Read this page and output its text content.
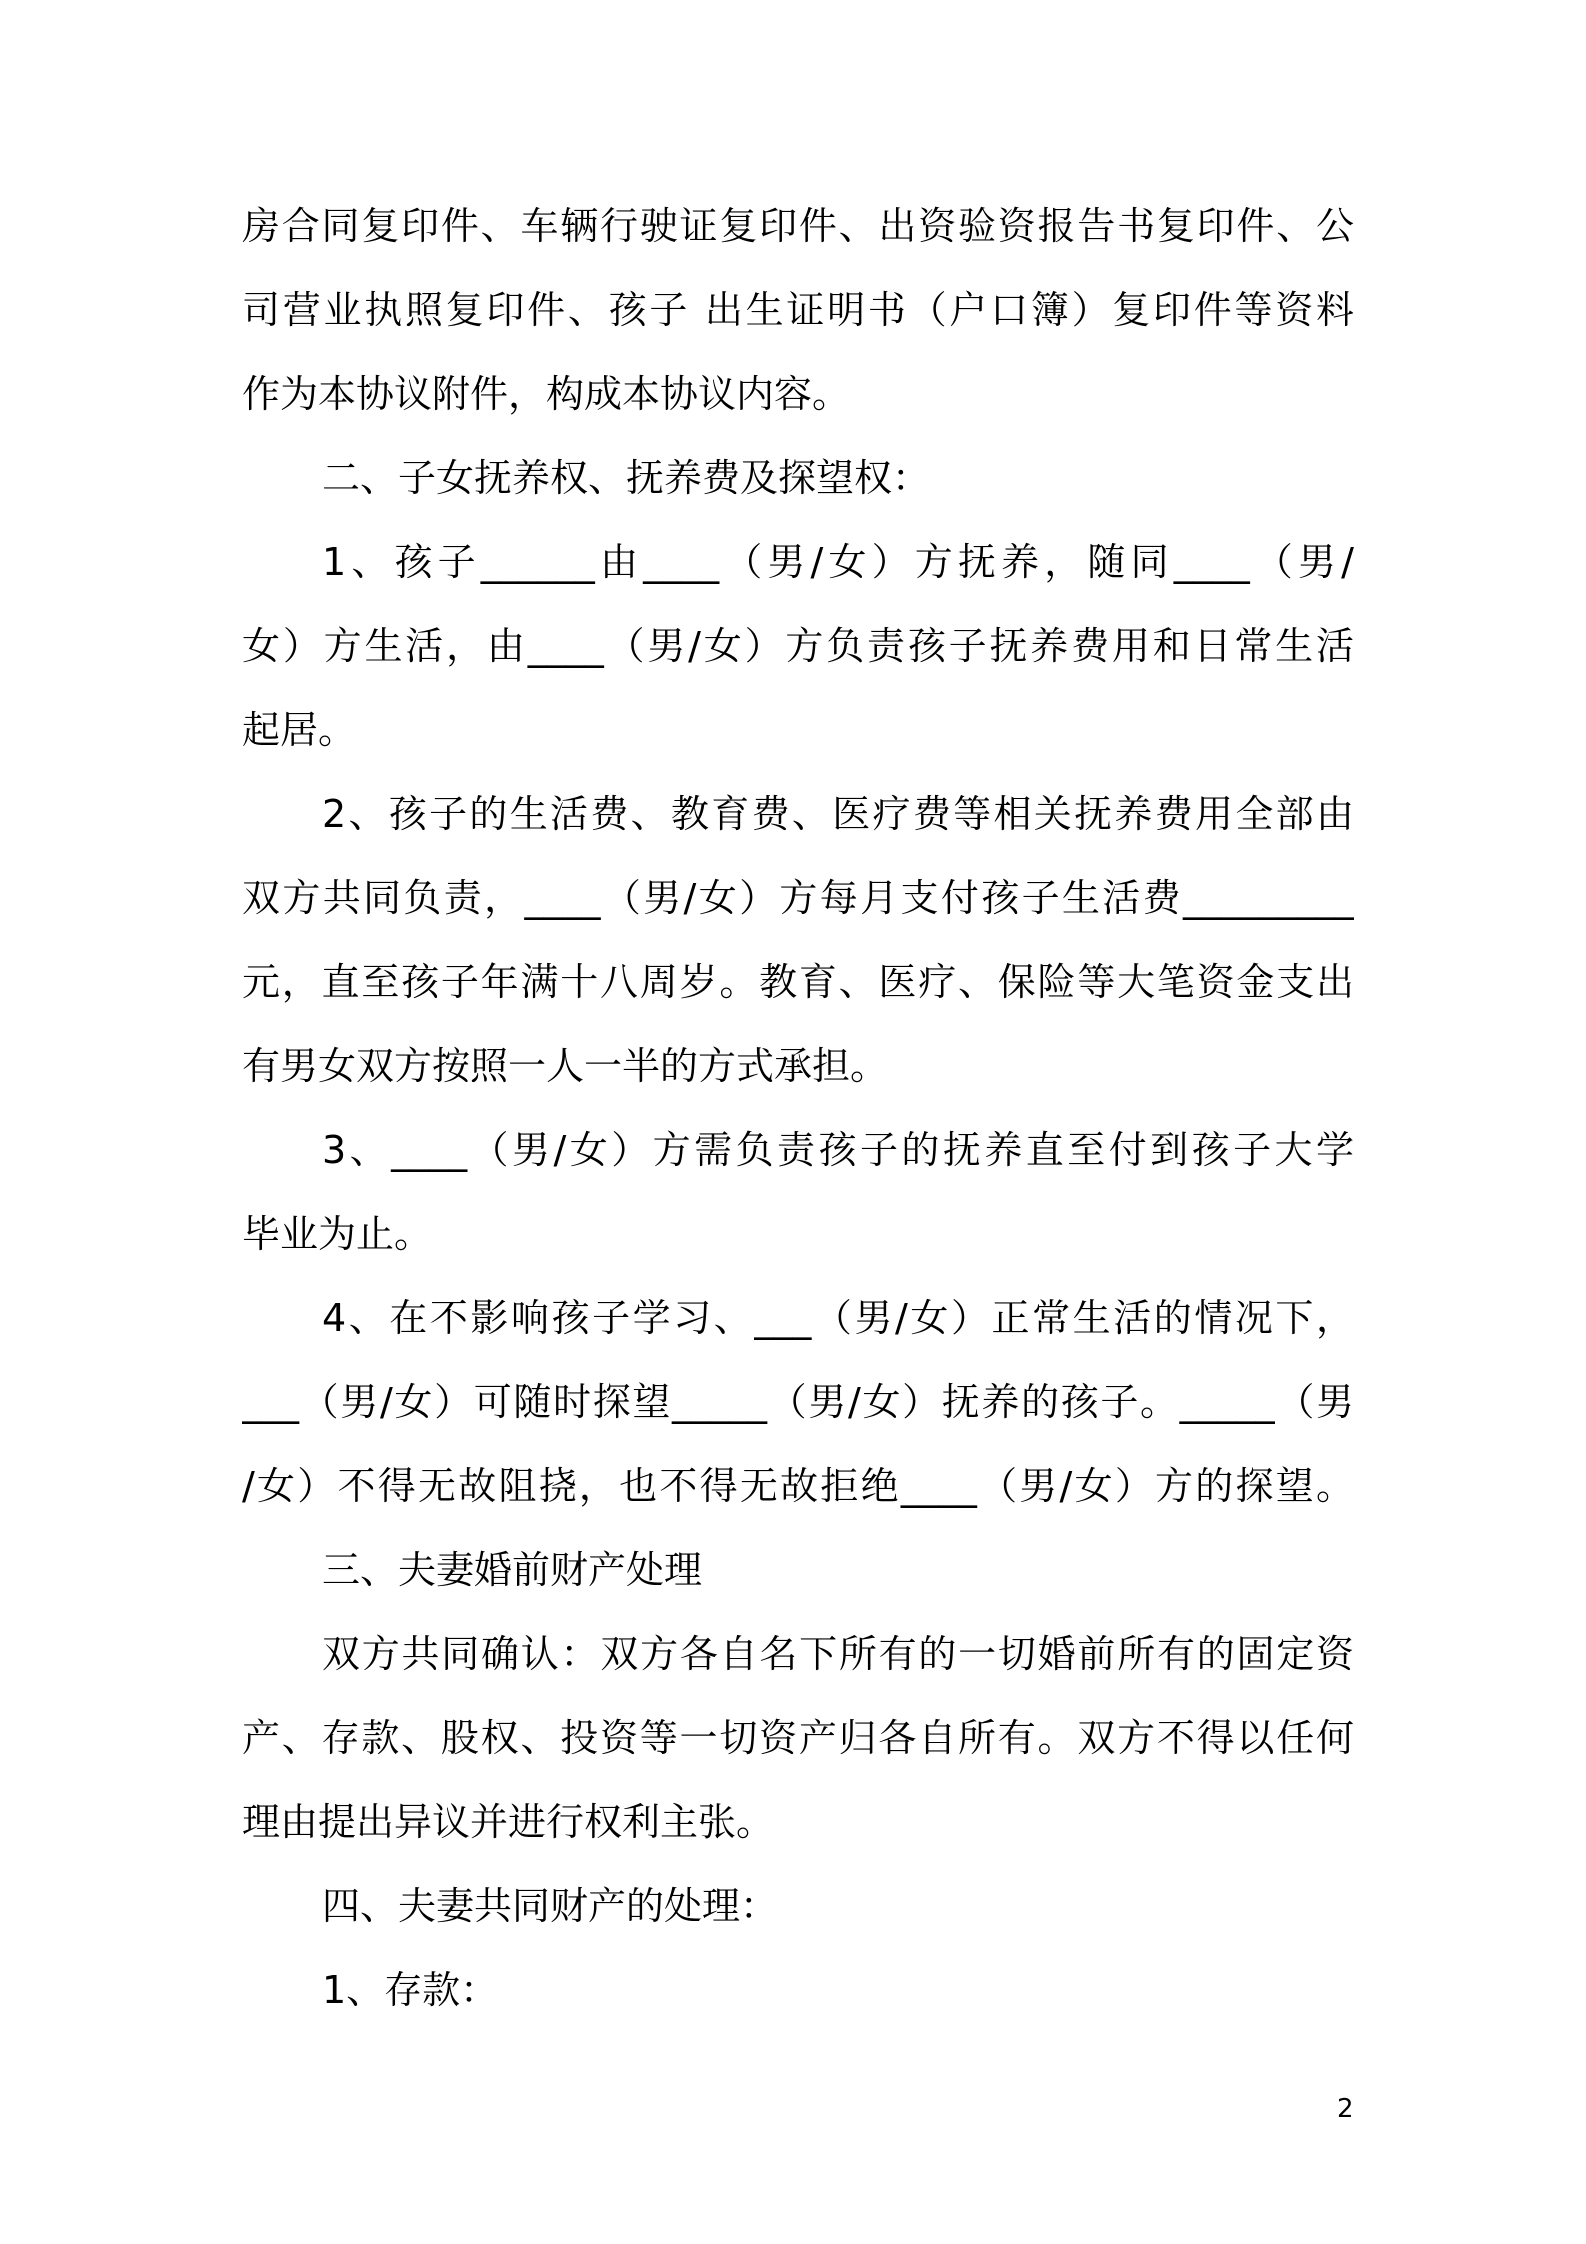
房合同复印件、车辆行驶证复印件、出资验资报告书复印件、公
司营业执照复印件、孩子 出生证明书（户口簿）复印件等资料
作为本协议附件，构成本协议内容。
二、子女抚养权、抚养费及探望权：
1、孩子______由____（男/女）方抚养，随同____（男/
女）方生活，由____（男/女）方负责孩子抚养费用和日常生活
起居。
2、孩子的生活费、教育费、医疗费等相关抚养费用全部由
双方共同负责，____（男/女）方每月支付孩子生活费_________
元，直至孩子年满十八周岁。教育、医疗、保险等大笔资金支出
有男女双方按照一人一半的方式承担。
3、____（男/女）方需负责孩子的抚养直至付到孩子大学
毕业为止。
4、在不影响孩子学习、___（男/女）正常生活的情况下，
___（男/女）可随时探望_____（男/女）抚养的孩子。_____（男
/女）不得无故阻挠，也不得无故拒绝____（男/女）方的探望。
三、夫妻婚前财产处理
双方共同确认：双方各自名下所有的一切婚前所有的固定资
产、存款、股权、投资等一切资产归各自所有。双方不得以任何
理由提出异议并进行权利主张。
四、夫妻共同财产的处理：
1、存款：
2
